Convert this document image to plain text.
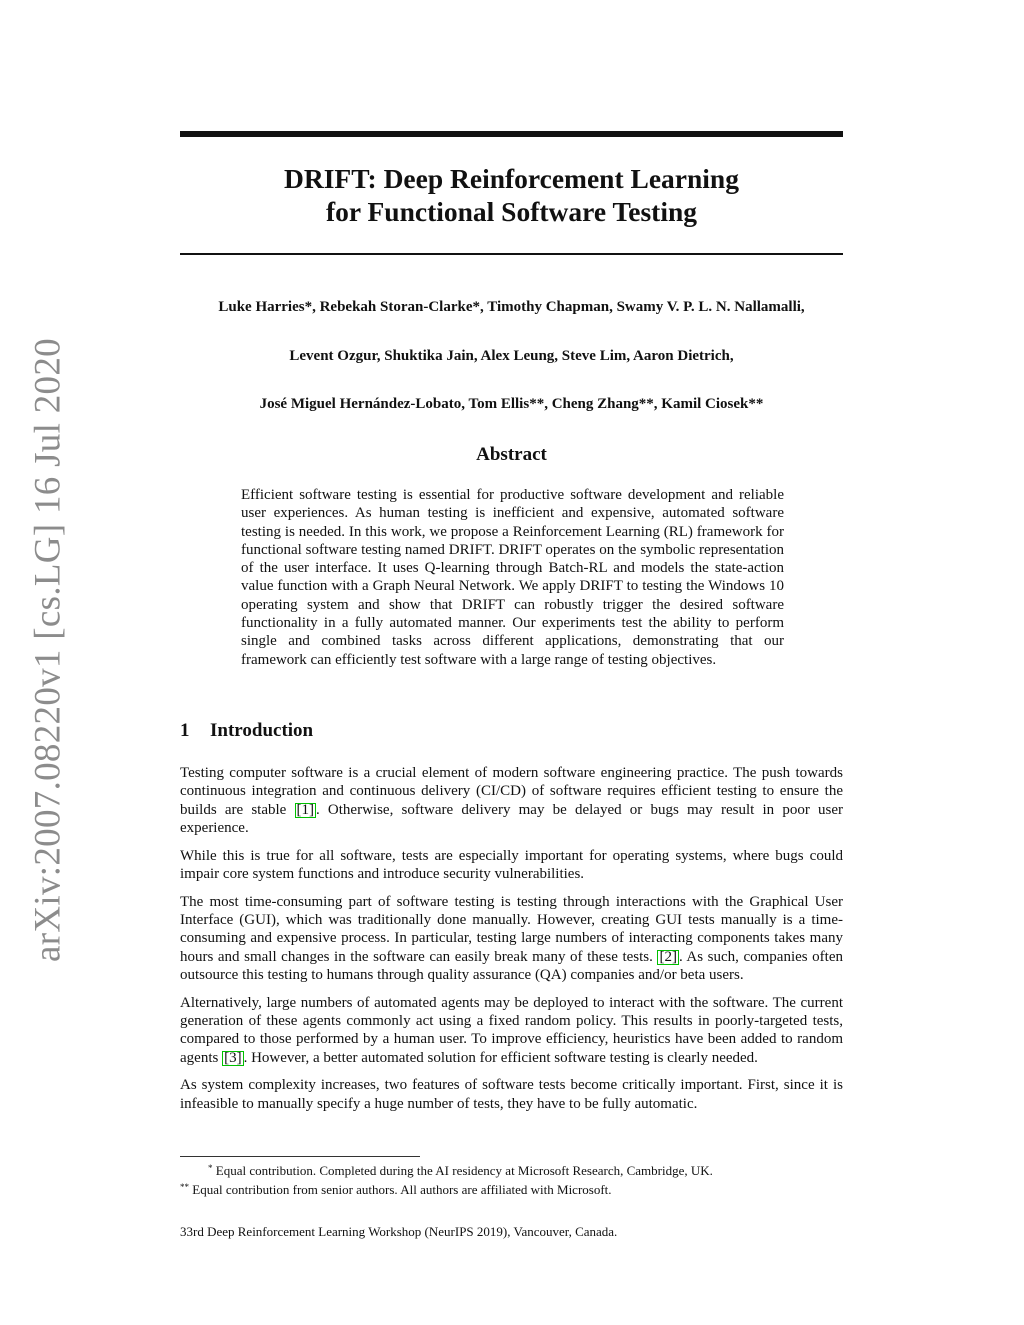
arXiv:2007.08220v1 [cs.LG] 16 Jul 2020
DRIFT: Deep Reinforcement Learning
for Functional Software Testing
Luke Harries*, Rebekah Storan-Clarke*, Timothy Chapman, Swamy V. P. L. N. Nallamalli,
Levent Ozgur, Shuktika Jain, Alex Leung, Steve Lim, Aaron Dietrich,
José Miguel Hernández-Lobato, Tom Ellis**, Cheng Zhang**, Kamil Ciosek**
Abstract
Efficient software testing is essential for productive software development and reliable user experiences. As human testing is inefficient and expensive, automated software testing is needed. In this work, we propose a Reinforcement Learning (RL) framework for functional software testing named DRIFT. DRIFT operates on the symbolic representation of the user interface. It uses Q-learning through Batch-RL and models the state-action value function with a Graph Neural Network. We apply DRIFT to testing the Windows 10 operating system and show that DRIFT can robustly trigger the desired software functionality in a fully automated manner. Our experiments test the ability to perform single and combined tasks across different applications, demonstrating that our framework can efficiently test software with a large range of testing objectives.
1 Introduction

Testing computer software is a crucial element of modern software engineering practice. The push towards continuous integration and continuous delivery (CI/CD) of software requires efficient testing to ensure the builds are stable [1] . Otherwise, software delivery may be delayed or bugs may result in poor user experience.

While this is true for all software, tests are especially important for operating systems, where bugs could impair core system functions and introduce security vulnerabilities.

The most time-consuming part of software testing is testing through interactions with the Graphical User Interface (GUI), which was traditionally done manually. However, creating GUI tests manually is a time-consuming and expensive process. In particular, testing large numbers of interacting components takes many hours and small changes in the software can easily break many of these tests. [2] . As such, companies often outsource this testing to humans through quality assurance (QA) companies and/or beta users.

Alternatively, large numbers of automated agents may be deployed to interact with the software. The current generation of these agents commonly act using a fixed random policy. This results in poorly-targeted tests, compared to those performed by a human user. To improve efficiency, heuristics have been added to random agents [3] . However, a better automated solution for efficient software testing is clearly needed.

As system complexity increases, two features of software tests become critically important. First, since it is infeasible to manually specify a huge number of tests, they have to be fully automatic.

* Equal contribution. Completed during the AI residency at Microsoft Research, Cambridge, UK.
** Equal contribution from senior authors. All authors are affiliated with Microsoft.
33rd Deep Reinforcement Learning Workshop (NeurIPS 2019), Vancouver, Canada.
